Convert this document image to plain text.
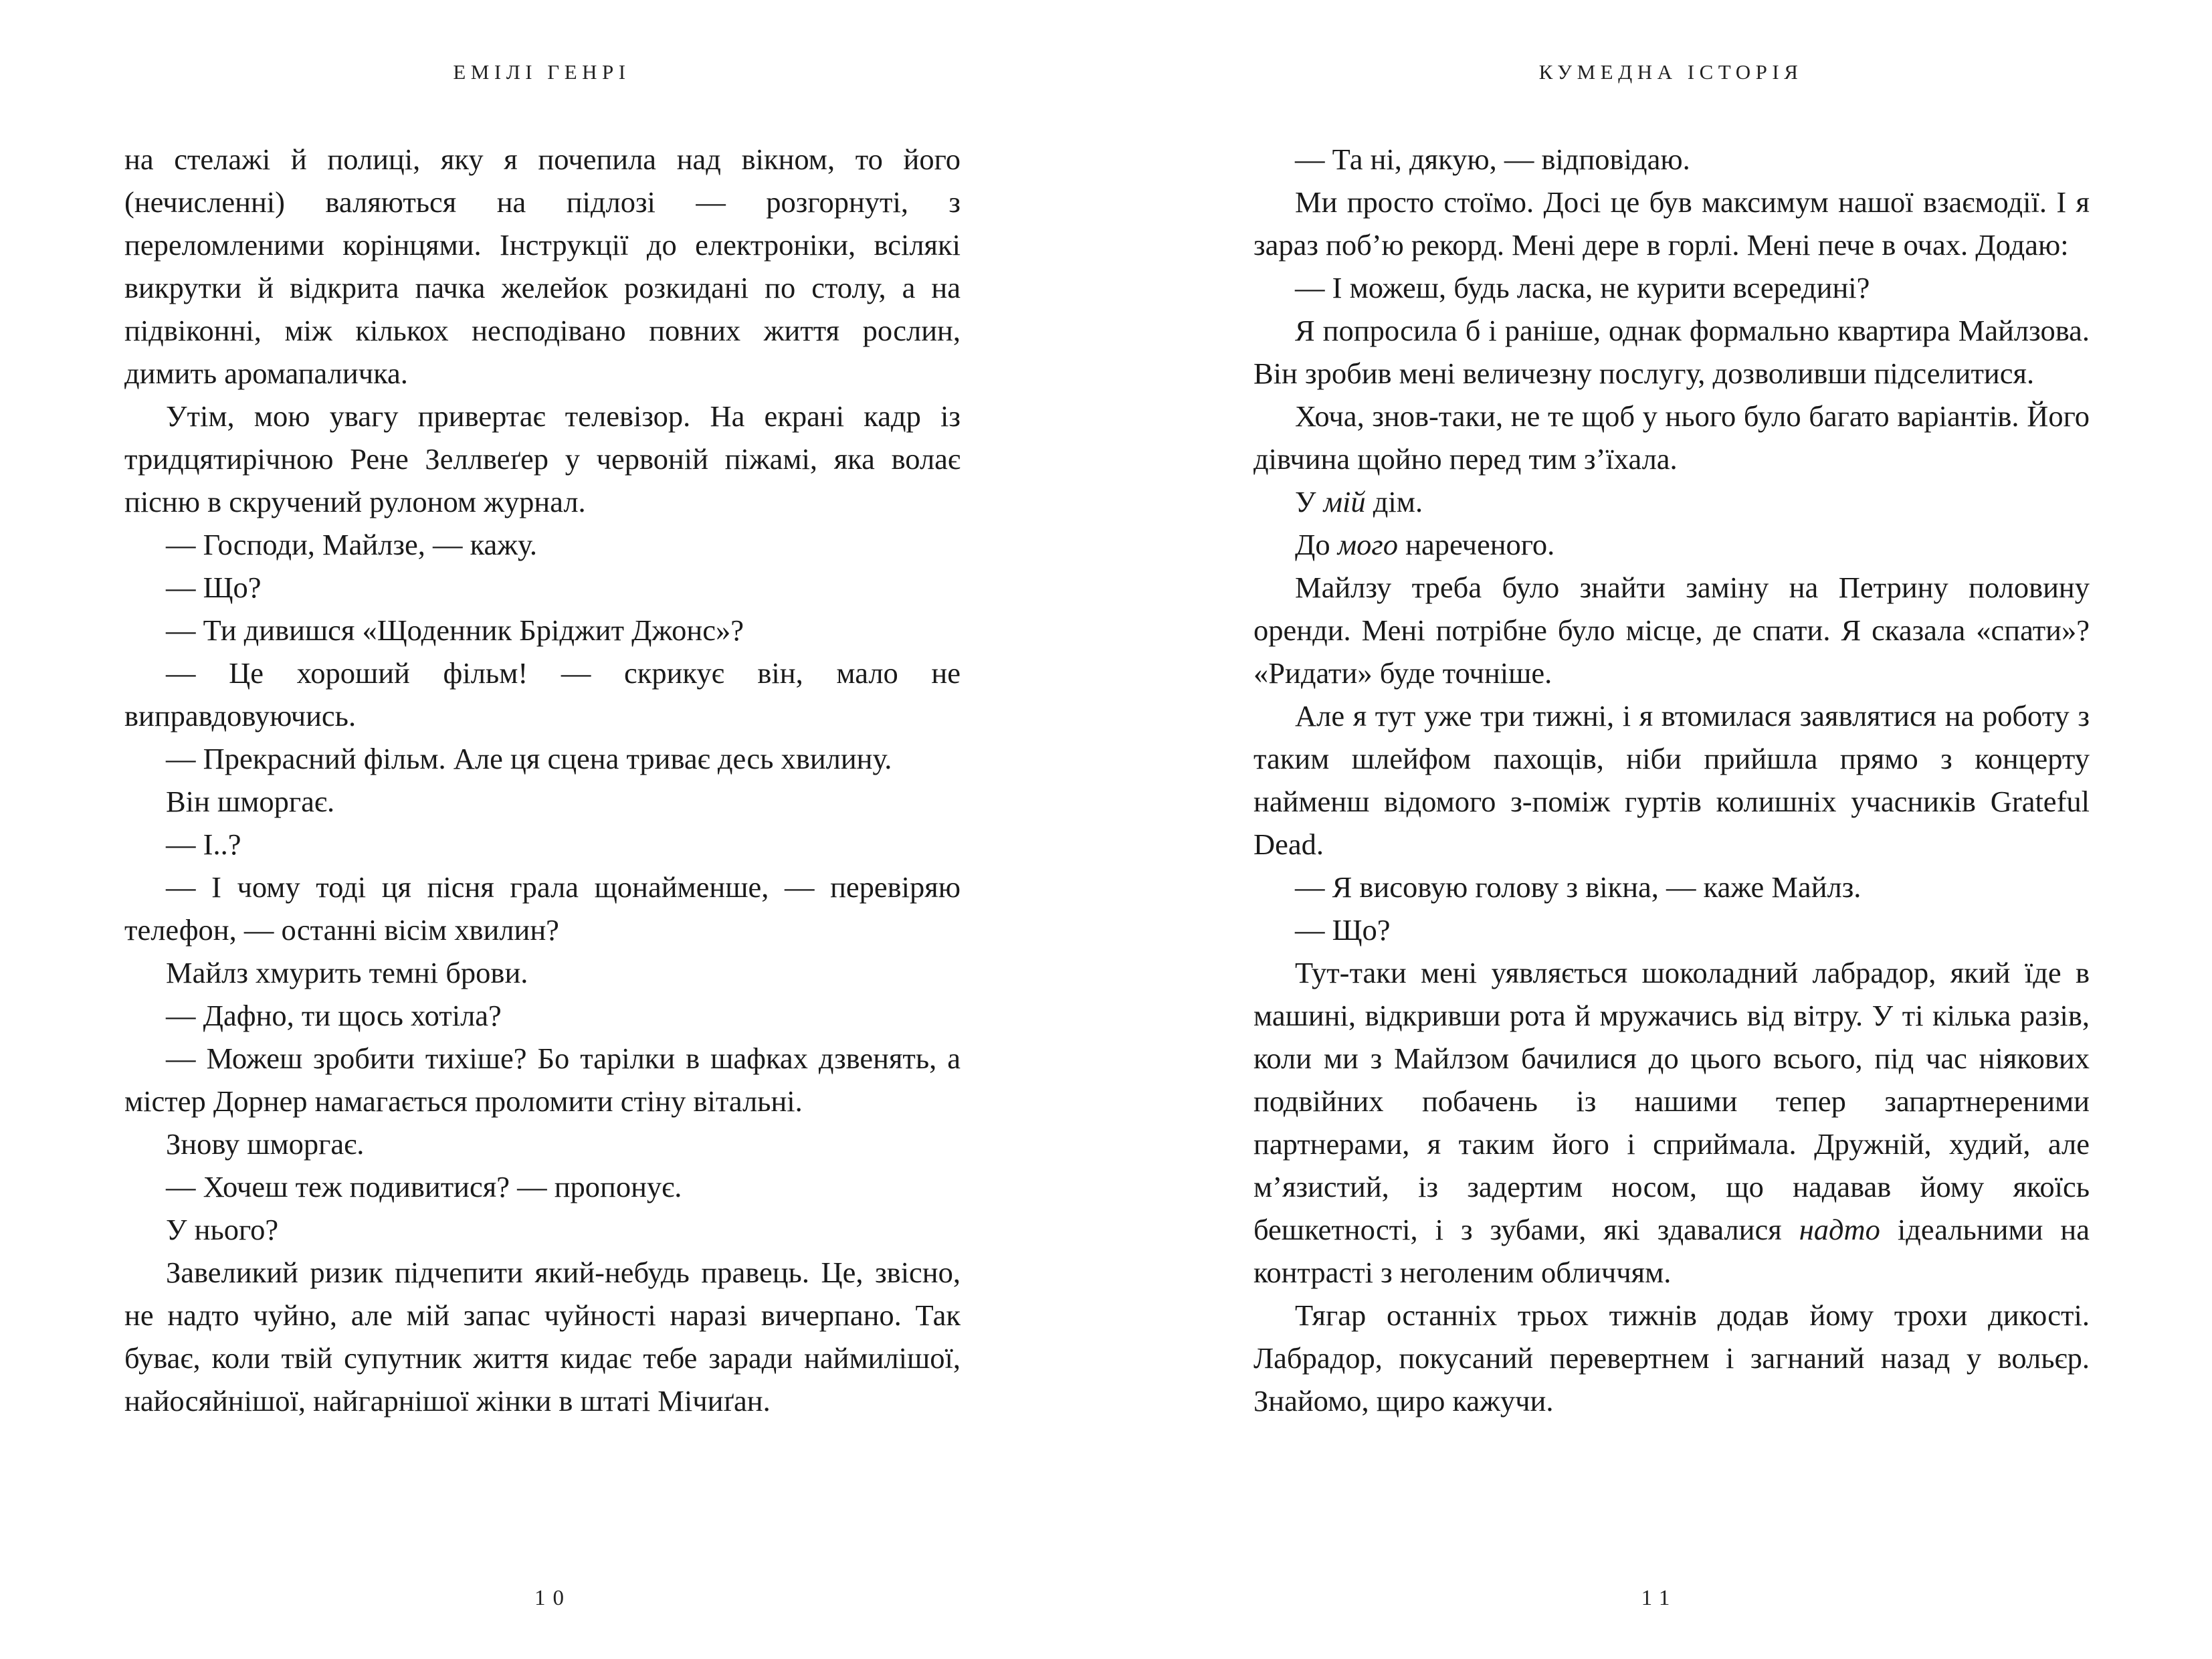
ЕМІЛІ ГЕНРІ

на стелажі й полиці, яку я почепила над вікном, то його (нечисленні) валяються на підлозі — розгорнуті, з переломленими корінцями. Інструкції до електроніки, всілякі викрутки й відкрита пачка желейок розкидані по столу, а на підвіконні, між кількох несподівано повних життя рослин, димить аромапаличка.

Утім, мою увагу привертає телевізор. На екрані кадр із тридцятирічною Рене Зеллвеґер у червоній піжамі, яка волає пісню в скручений рулоном журнал.

— Господи, Майлзе, — кажу.

— Що?

— Ти дивишся «Щоденник Бріджит Джонс»?

— Це хороший фільм! — скрикує він, мало не виправдовуючись.

— Прекрасний фільм. Але ця сцена триває десь хвилину.

Він шморгає.

— І..?

— І чому тоді ця пісня грала щонайменше, — перевіряю телефон, — останні вісім хвилин?

Майлз хмурить темні брови.

— Дафно, ти щось хотіла?

— Можеш зробити тихіше? Бо тарілки в шафках дзвенять, а містер Дорнер намагається проломити стіну вітальні.

Знову шморгає.

— Хочеш теж подивитися? — пропонує.

У нього?

Завеликий ризик підчепити який-небудь правець. Це, звісно, не надто чуйно, але мій запас чуйності наразі вичерпано. Так буває, коли твій супутник життя кидає тебе заради наймилішої, найосяйнішої, найгарнішої жінки в штаті Мічиґан.

10
КУМЕДНА ІСТОРІЯ

— Та ні, дякую, — відповідаю.

Ми просто стоїмо. Досі це був максимум нашої взаємодії. І я зараз поб’ю рекорд. Мені дере в горлі. Мені пече в очах. Додаю:

— І можеш, будь ласка, не курити всередині?

Я попросила б і раніше, однак формально квартира Майлзова. Він зробив мені величезну послугу, дозволивши підселитися.

Хоча, знов-таки, не те щоб у нього було багато варіантів. Його дівчина щойно перед тим з’їхала.

У мій дім.

До мого нареченого.

Майлзу треба було знайти заміну на Петрину половину оренди. Мені потрібне було місце, де спати. Я сказала «спати»? «Ридати» буде точніше.

Але я тут уже три тижні, і я втомилася заявлятися на роботу з таким шлейфом пахощів, ніби прийшла прямо з концерту найменш відомого з-поміж гуртів колишніх учасників Grateful Dead.

— Я висовую голову з вікна, — каже Майлз.

— Що?

Тут-таки мені уявляється шоколадний лабрадор, який їде в машині, відкривши рота й мружачись від вітру. У ті кілька разів, коли ми з Майлзом бачилися до цього всього, під час ніякових подвійних побачень із нашими тепер запартнереними партнерами, я таким його і сприймала. Дружній, худий, але м’язистий, із задертим носом, що надавав йому якоїсь бешкетності, і з зубами, які здавалися надто ідеальними на контрасті з неголеним обличчям.

Тягар останніх трьох тижнів додав йому трохи дикості. Лабрадор, покусаний перевертнем і загнаний назад у вольєр. Знайомо, щиро кажучи.

11
